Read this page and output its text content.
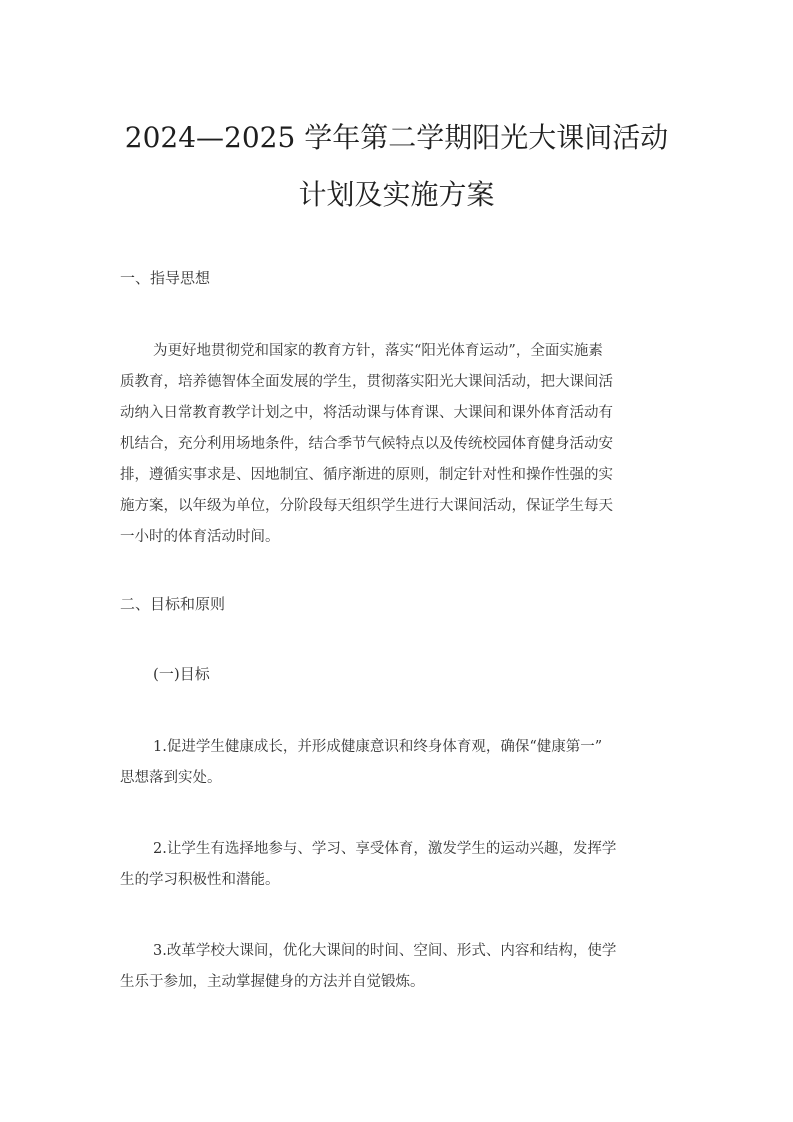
2024—2025 学年第二学期阳光大课间活动
计划及实施方案
一、指导思想
为更好地贯彻党和国家的教育方针，落实“阳光体育运动”，全面实施素
质教育，培养德智体全面发展的学生，贯彻落实阳光大课间活动，把大课间活
动纳入日常教育教学计划之中，将活动课与体育课、大课间和课外体育活动有
机结合，充分利用场地条件，结合季节气候特点以及传统校园体育健身活动安
排，遵循实事求是、因地制宜、循序渐进的原则，制定针对性和操作性强的实
施方案，以年级为单位，分阶段每天组织学生进行大课间活动，保证学生每天
一小时的体育活动时间。
二、目标和原则
(一)目标
1.促进学生健康成长，并形成健康意识和终身体育观，确保“健康第一”
思想落到实处。
2.让学生有选择地参与、学习、享受体育，激发学生的运动兴趣，发挥学
生的学习积极性和潜能。
3.改革学校大课间，优化大课间的时间、空间、形式、内容和结构，使学
生乐于参加，主动掌握健身的方法并自觉锻炼。
